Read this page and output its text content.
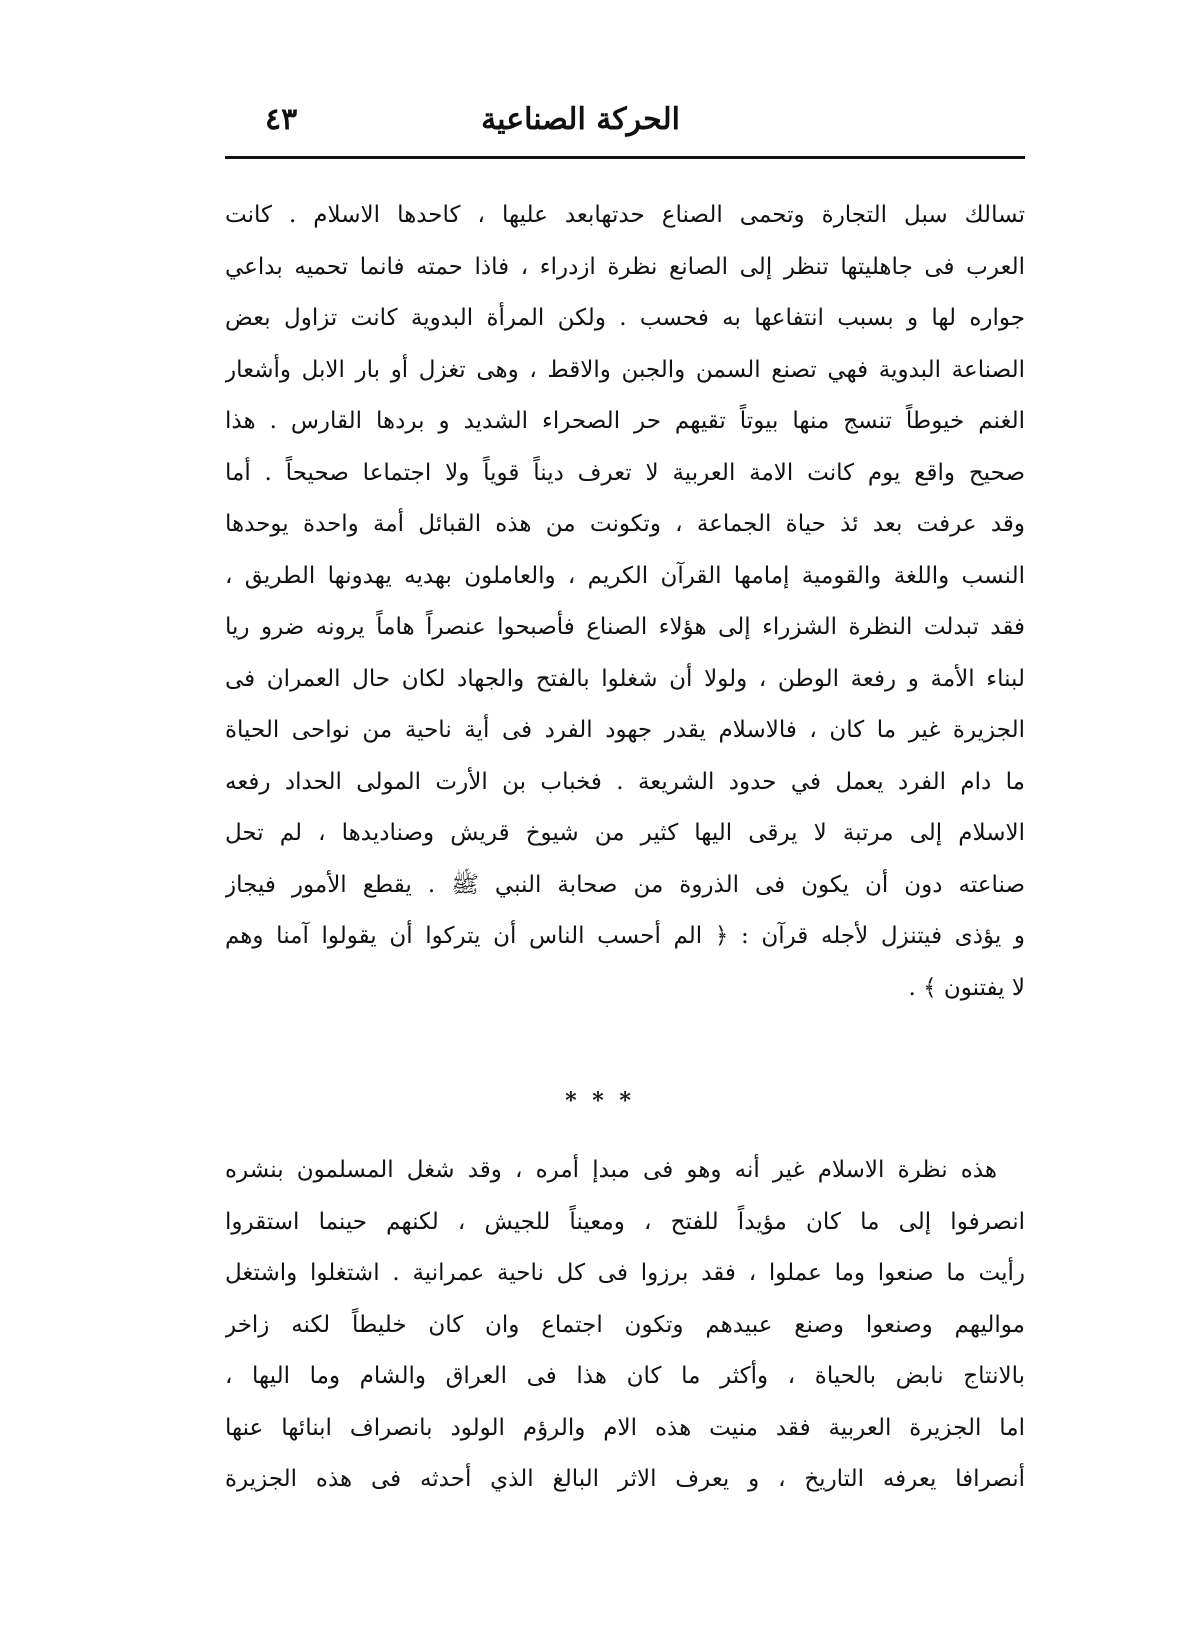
الحركة الصناعية
٤٣
تسالك سبل التجارة وتحمى الصناع حدتهابعد عليها ، كاحدها الاسلام . كانت
العرب فى جاهليتها تنظر إلى الصانع نظرة ازدراء ، فاذا حمته فانما تحميه بداعي
جواره لها و بسبب انتفاعها به فحسب . ولكن المرأة البدوية كانت تزاول بعض
الصناعة البدوية فهي تصنع السمن والجبن والاقط ، وهى تغزل أو بار الابل وأشعار
الغنم خيوطاً تنسج منها بيوتاً تقيهم حر الصحراء الشديد و بردها القارس . هذا
صحيح واقع يوم كانت الامة العربية لا تعرف ديناً قوياً ولا اجتماعا صحيحاً . أما
وقد عرفت بعد ئذ حياة الجماعة ، وتكونت من هذه القبائل أمة واحدة يوحدها
النسب واللغة والقومية إمامها القرآن الكريم ، والعاملون بهديه يهدونها الطريق ،
فقد تبدلت النظرة الشزراء إلى هؤلاء الصناع فأصبحوا عنصراً هاماً يرونه ضرو ريا
لبناء الأمة و رفعة الوطن ، ولولا أن شغلوا بالفتح والجهاد لكان حال العمران فى
الجزيرة غير ما كان ، فالاسلام يقدر جهود الفرد فى أية ناحية من نواحى الحياة
ما دام الفرد يعمل في حدود الشريعة . فخباب بن الأرت المولى الحداد رفعه
الاسلام إلى مرتبة لا يرقى اليها كثير من شيوخ قريش وصناديدها ، لم تحل
صناعته دون أن يكون فى الذروة من صحابة النبي ﷺ . يقطع الأمور فيجاز
و يؤذى فيتنزل لأجله قرآن : ﴿ الم أحسب الناس أن يتركوا أن يقولوا آمنا وهم
لا يفتنون ﴾ .
* * *
هذه نظرة الاسلام غير أنه وهو فى مبدإ أمره ، وقد شغل المسلمون بنشره
انصرفوا إلى ما كان مؤيداً للفتح ، ومعيناً للجيش ، لكنهم حينما استقروا
رأيت ما صنعوا وما عملوا ، فقد برزوا فى كل ناحية عمرانية . اشتغلوا واشتغل
مواليهم وصنعوا وصنع عبيدهم وتكون اجتماع وان كان خليطاً لكنه زاخر
بالانتاج نابض بالحياة ، وأكثر ما كان هذا فى العراق والشام وما اليها ،
اما الجزيرة العربية فقد منيت هذه الام والرؤم الولود بانصراف ابنائها عنها
أنصرافا يعرفه التاريخ ، و يعرف الاثر البالغ الذي أحدثه فى هذه الجزيرة
